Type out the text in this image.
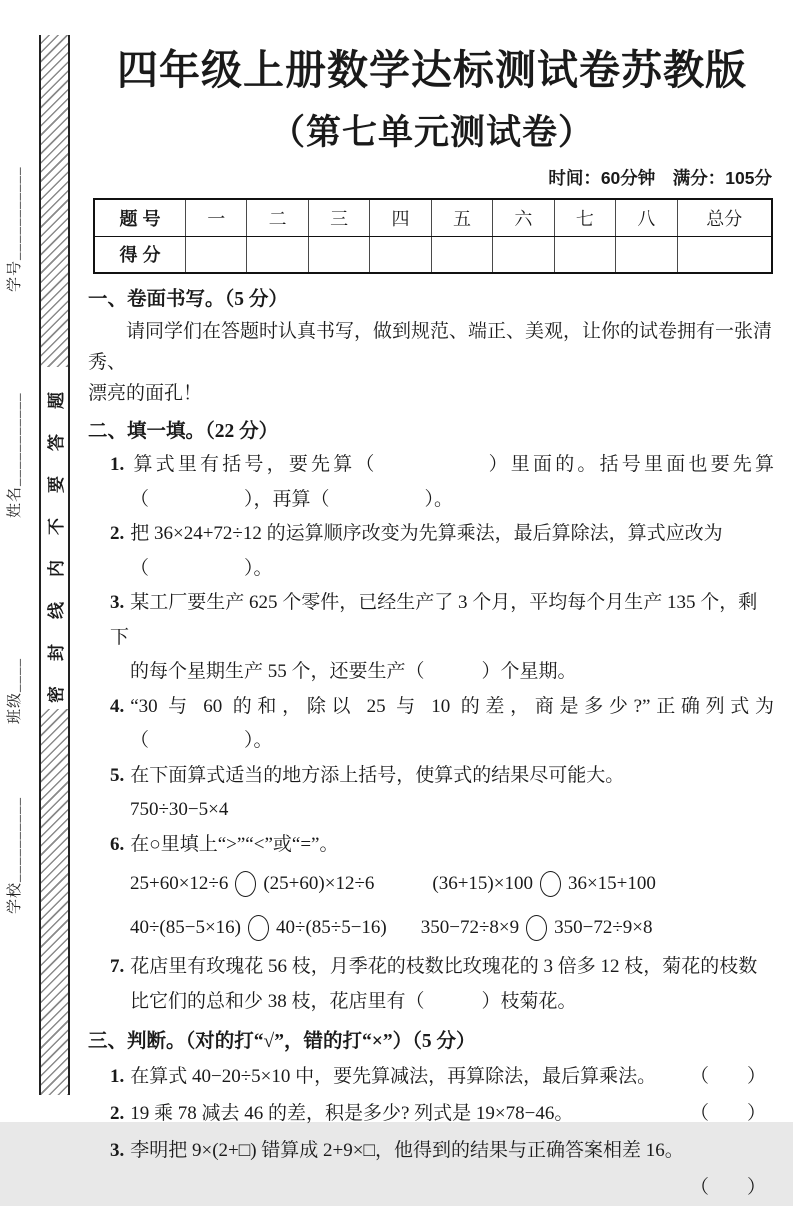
学号___________
姓名___________
班级____
学校__________
密封线内不要答题
四年级上册数学达标测试卷苏教版
（第七单元测试卷）
时间：60分钟　满分：105分
题 号	一	二	三	四	五	六	七	八	总分
得 分									
一、卷面书写。（5 分）
请同学们在答题时认真书写，做到规范、端正、美观，让你的试卷拥有一张清秀、
漂亮的面孔！
二、填一填。（22 分）
1. 算式里有括号，要先算（　　　　　）里面的。括号里面也要先算
（　　　　　），再算（　　　　　）。
2. 把 36×24+72÷12 的运算顺序改变为先算乘法，最后算除法，算式应改为
（　　　　　）。
3. 某工厂要生产 625 个零件，已经生产了 3 个月，平均每个月生产 135 个，剩下
的每个星期生产 55 个，还要生产（　　　）个星期。
4. “30 与 60 的和，除以 25 与 10 的差，商是多少?”正确列式为
（　　　　　）。
5. 在下面算式适当的地方添上括号，使算式的结果尽可能大。
750÷30−5×4
6. 在○里填上“>”“<”或“=”。
25+60×12÷6 (25+60)×12÷6	(36+15)×100 36×15+100
40÷(85−5×16) 40÷(85÷5−16) 350−72÷8×9 350−72÷9×8
7. 花店里有玫瑰花 56 枝，月季花的枝数比玫瑰花的 3 倍多 12 枝，菊花的枝数
比它们的总和少 38 枝，花店里有（　　　）枝菊花。
三、判断。（对的打“√”，错的打“×”）（5 分）
1. 在算式 40−20÷5×10 中，要先算减法，再算除法，最后算乘法。 （　　）
2. 19 乘 78 减去 46 的差，积是多少? 列式是 19×78−46。	（　　）
3. 李明把 9×(2+□) 错算成 2+9×□，他得到的结果与正确答案相差 16。
（　　）
